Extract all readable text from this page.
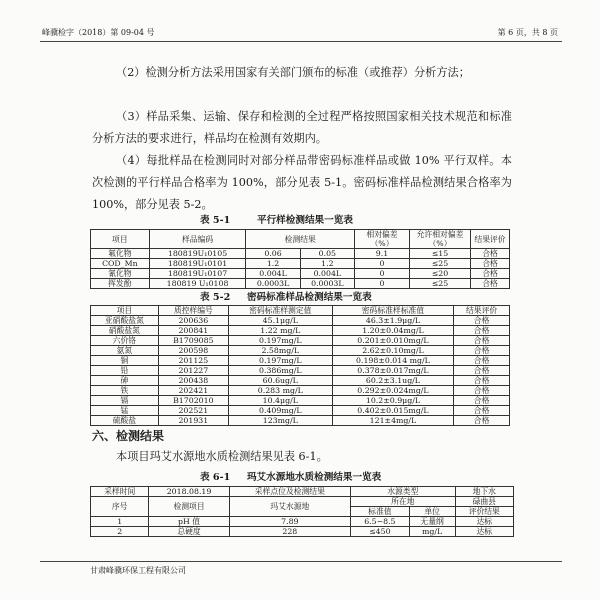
峰骥检字（2018）第 09-04 号	第 6 页，共 8 页

（2）检测分析方法采用国家有关部门颁布的标准（或推荐）分析方法；

（3）样品采集、运输、保存和检测的全过程严格按照国家相关技术规范和标准分析方法的要求进行，样品均在检测有效期内。

（4）每批样品在检测同时对部分样品带密码标准样品或做 10% 平行双样。本次检测的平行样品合格率为 100%，部分见表 5-1。密码标准样品检测结果合格率为 100%，部分见表 5-2。

表 5-1        平行样检测结果一览表
项目	样品编码	检测结果		相对偏差（%）	允许相对偏差（%）	结果评价
氟化物	180819U₁0105	0.06	0.05	9.1	≤15	合格
COD_Mn	180819U₁0101	1.2	1.2	0	≤25	合格
氰化物	180819U₁0107	0.004L	0.004L	0	≤20	合格
挥发酚	180819 U₁0108	0.0003L	0.0003L	0	≤25	合格
表 5-2     密码标准样品检测结果一览表
项目	质控样编号	密码标准样测定值	密码标准样标准值	结果评价
亚硝酸盐氮	200636	45.1μg/L	46.3±1.9μg/L	合格
硝酸盐氮	200841	1.22 mg/L	1.20±0.04mg/L	合格
六价铬	B1709085	0.197mg/L	0.201±0.010mg/L	合格
氨氮	200598	2.58mg/L	2.62±0.10mg/L	合格
铜	201125	0.197mg/L	0.198±0.014 mg/L	合格
铅	201227	0.386mg/L	0.378±0.017mg/L	合格
砷	200438	60.6ug/L	60.2±3.1ug/L	合格
铁	202421	0.283 mg/L	0.292±0.024mg/L	合格
镉	B1702010	10.4μg/L	10.2±0.9μg/L	合格
锰	202521	0.409mg/L	0.402±0.015mg/L	合格
硫酸盐	201931	123mg/L	121±4mg/L	合格
六、检测结果

本项目玛艾水源地水质检测结果见表 6-1。

表 6-1     玛艾水源地水质检测结果一览表
采样时间	2018.08.19	采样点位及检测结果	水源类型		地下水
序号	检测项目	玛艾水源地	所在地		碌曲县
			标准值	单位	评价结果
1	pH 值	7.89	6.5~8.5	无量纲	达标
2	总硬度	228	≤450	mg/L	达标
甘肃峰骥环保工程有限公司
